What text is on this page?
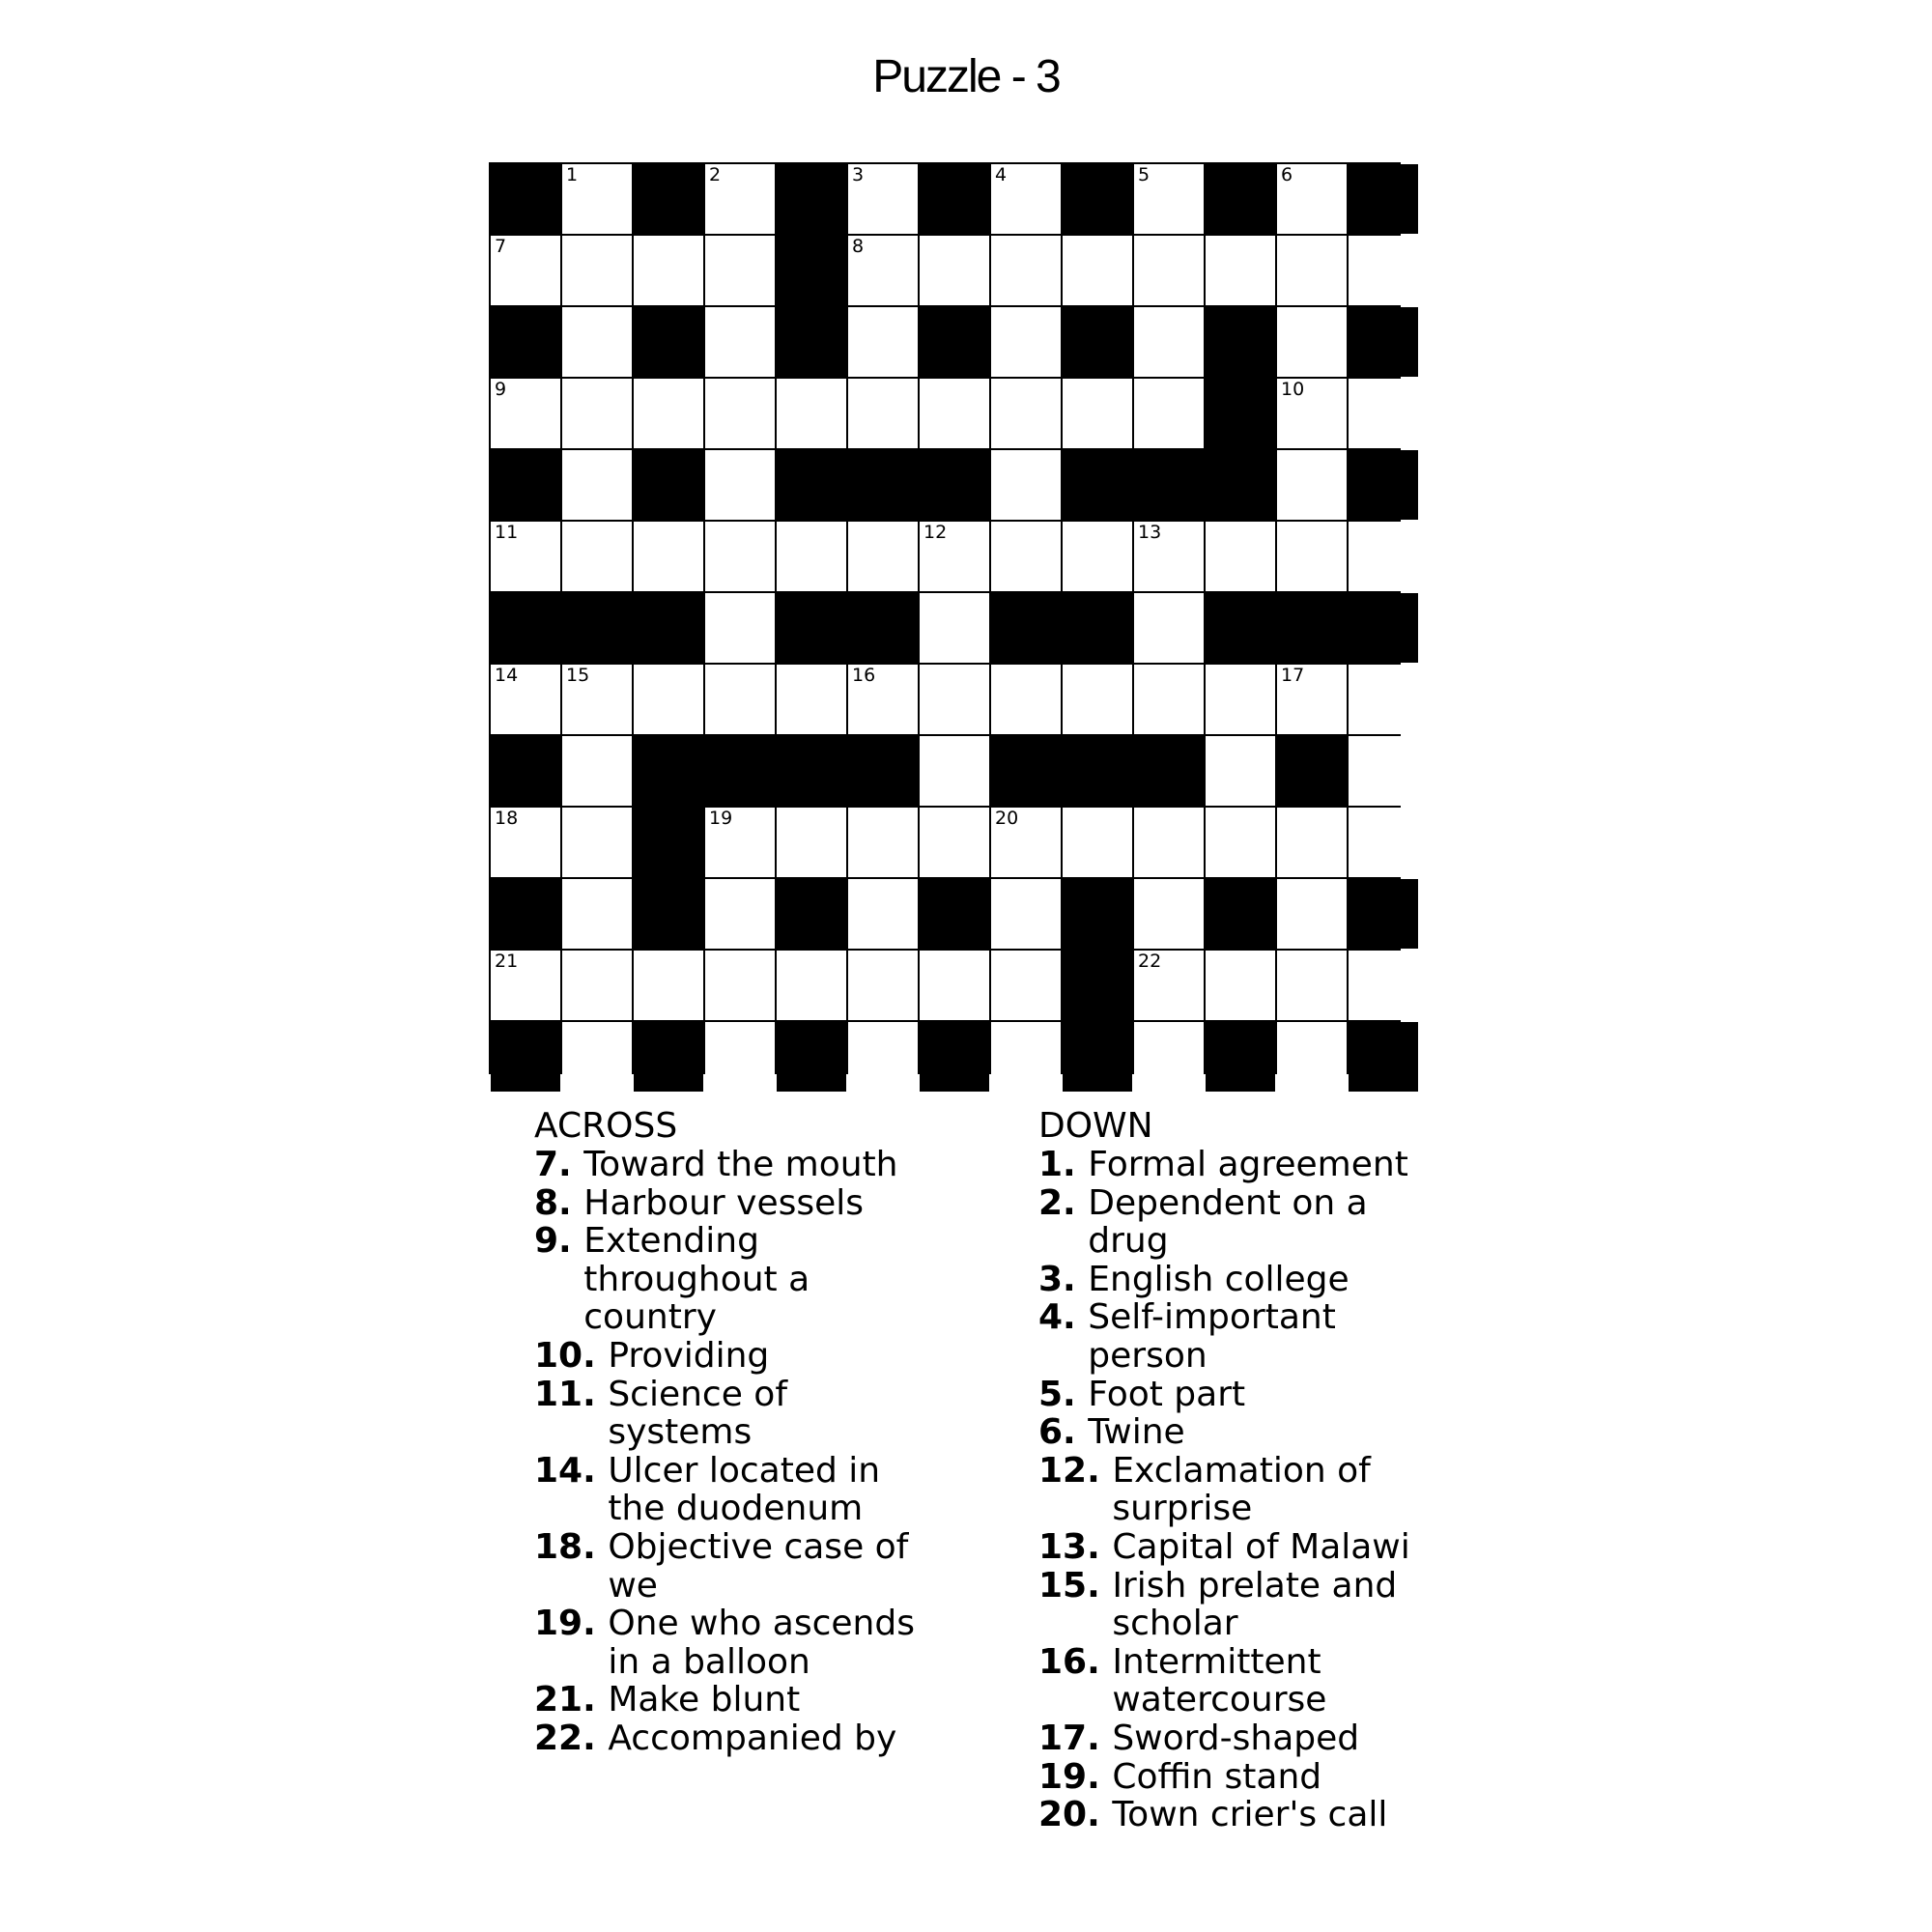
Puzzle - 3
1	2	3	4	5	6
7	8
9	10
11	12	13
14	15	16	17
18	19	20
21	22
ACROSS
7. Toward the mouth
8. Harbour vessels
9. Extending throughout a country
10. Providing
11. Science of systems
14. Ulcer located in the duodenum
18. Objective case of we
19. One who ascends in a balloon
21. Make blunt
22. Accompanied by
DOWN
1. Formal agreement
2. Dependent on a drug
3. English college
4. Self-important person
5. Foot part
6. Twine
12. Exclamation of surprise
13. Capital of Malawi
15. Irish prelate and scholar
16. Intermittent watercourse
17. Sword-shaped
19. Coffin stand
20. Town crier's call
